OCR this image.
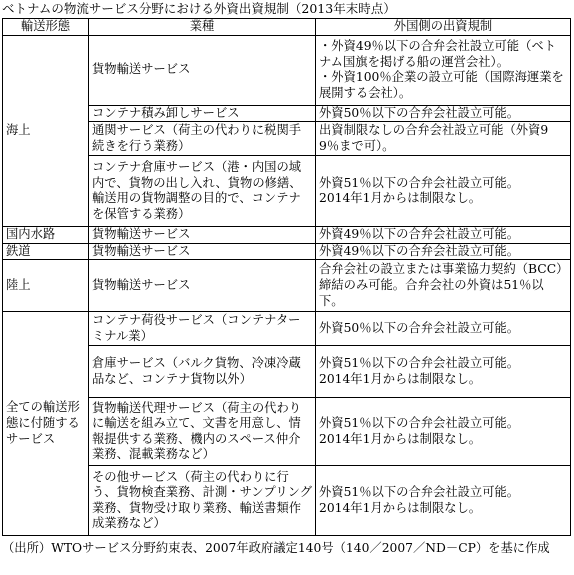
ベトナムの物流サービス分野における外資出資規制（2013年末時点）
輸送形態	業種	外国側の出資規制
海上	貨物輸送サービス	・外資49％以下の合弁会社設立可能（ベトナム国旗を掲げる船の運営会社）。
・外資100％企業の設立可能（国際海運業を展開する会社）。

	コンテナ積み卸しサービス	外資50％以下の合弁会社設立可能。
	通関サービス（荷主の代わりに税関手続きを行う業務）	出資制限なしの合弁会社設立可能（外資99％まで可）。
	コンテナ倉庫サービス（港・内国の域内で、貨物の出し入れ、貨物の修繕、輸送用の貨物調整の目的で、コンテナを保管する業務）	外資51％以下の合弁会社設立可能。
2014年1月からは制限なし。

国内水路	貨物輸送サービス	外資49％以下の合弁会社設立可能。
鉄道	貨物輸送サービス	外資49％以下の合弁会社設立可能。
陸上	貨物輸送サービス	合弁会社の設立または事業協力契約（BCC）締結のみ可能。合弁会社の外資は51％以下。
全ての輸送形態に付随するサービス	コンテナ荷役サービス（コンテナターミナル業）	外資50％以下の合弁会社設立可能。
	倉庫サービス（バルク貨物、冷凍冷蔵品など、コンテナ貨物以外）	外資51％以下の合弁会社設立可能。
2014年1月からは制限なし。

	貨物輸送代理サービス（荷主の代わりに輸送を組み立て、文書を用意し、情報提供する業務、機内のスペース仲介業務、混載業務など）	外資51％以下の合弁会社設立可能。
2014年1月からは制限なし。

	その他サービス（荷主の代わりに行う、貨物検査業務、計測・サンプリング業務、貨物受け取り業務、輸送書類作成業務など）	外資51％以下の合弁会社設立可能。
2014年1月からは制限なし。
（出所）WTOサービス分野約束表、2007年政府議定140号（140／2007／ND－CP）を基に作成
